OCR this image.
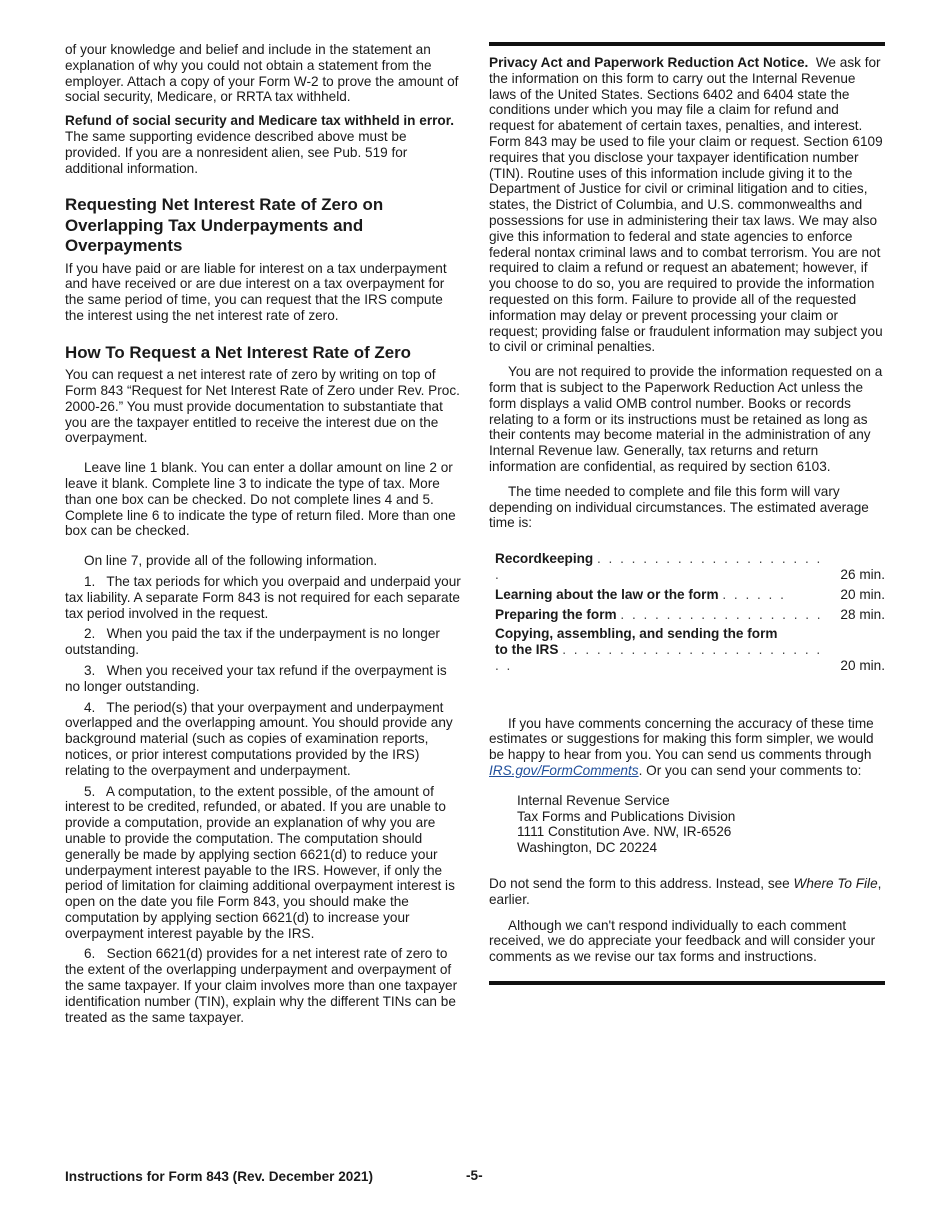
of your knowledge and belief and include in the statement an explanation of why you could not obtain a statement from the employer. Attach a copy of your Form W-2 to prove the amount of social security, Medicare, or RRTA tax withheld.

Refund of social security and Medicare tax withheld in error. The same supporting evidence described above must be provided. If you are a nonresident alien, see Pub. 519 for additional information.

Requesting Net Interest Rate of Zero on Overlapping Tax Underpayments and Overpayments

If you have paid or are liable for interest on a tax underpayment and have received or are due interest on a tax overpayment for the same period of time, you can request that the IRS compute the interest using the net interest rate of zero.

How To Request a Net Interest Rate of Zero

You can request a net interest rate of zero by writing on top of Form 843 “Request for Net Interest Rate of Zero under Rev. Proc. 2000-26.” You must provide documentation to substantiate that you are the taxpayer entitled to receive the interest due on the overpayment.

Leave line 1 blank. You can enter a dollar amount on line 2 or leave it blank. Complete line 3 to indicate the type of tax. More than one box can be checked. Do not complete lines 4 and 5. Complete line 6 to indicate the type of return filed. More than one box can be checked.

On line 7, provide all of the following information.

1.   The tax periods for which you overpaid and underpaid your tax liability. A separate Form 843 is not required for each separate tax period involved in the request.

2.   When you paid the tax if the underpayment is no longer outstanding.

3.   When you received your tax refund if the overpayment is no longer outstanding.

4.   The period(s) that your overpayment and underpayment overlapped and the overlapping amount. You should provide any background material (such as copies of examination reports, notices, or prior interest computations provided by the IRS) relating to the overpayment and underpayment.

5.   A computation, to the extent possible, of the amount of interest to be credited, refunded, or abated. If you are unable to provide a computation, provide an explanation of why you are unable to provide the computation. The computation should generally be made by applying section 6621(d) to reduce your underpayment interest payable to the IRS. However, if only the period of limitation for claiming additional overpayment interest is open on the date you file Form 843, you should make the computation by applying section 6621(d) to increase your overpayment interest payable by the IRS.

6.   Section 6621(d) provides for a net interest rate of zero to the extent of the overlapping underpayment and overpayment of the same taxpayer. If your claim involves more than one taxpayer identification number (TIN), explain why the different TINs can be treated as the same taxpayer.

Privacy Act and Paperwork Reduction Act Notice.  We ask for the information on this form to carry out the Internal Revenue laws of the United States. Sections 6402 and 6404 state the conditions under which you may file a claim for refund and request for abatement of certain taxes, penalties, and interest. Form 843 may be used to file your claim or request. Section 6109 requires that you disclose your taxpayer identification number (TIN). Routine uses of this information include giving it to the Department of Justice for civil or criminal litigation and to cities, states, the District of Columbia, and U.S. commonwealths and possessions for use in administering their tax laws. We may also give this information to federal and state agencies to enforce federal nontax criminal laws and to combat terrorism. You are not required to claim a refund or request an abatement; however, if you choose to do so, you are required to provide the information requested on this form. Failure to provide all of the requested information may delay or prevent processing your claim or request; providing false or fraudulent information may subject you to civil or criminal penalties.

You are not required to provide the information requested on a form that is subject to the Paperwork Reduction Act unless the form displays a valid OMB control number. Books or records relating to a form or its instructions must be retained as long as their contents may become material in the administration of any Internal Revenue law. Generally, tax returns and return information are confidential, as required by section 6103.

The time needed to complete and file this form will vary depending on individual circumstances. The estimated average time is:

Recordkeeping . . . . . . . . . . . . . . . . . . . . .	26 min.
Learning about the law or the form . . . . . .	20 min.
Preparing the form . . . . . . . . . . . . . . . . . .	28 min.
Copying, assembling, and sending the form
to the IRS . . . . . . . . . . . . . . . . . . . . . . . . .	20 min.

If you have comments concerning the accuracy of these time estimates or suggestions for making this form simpler, we would be happy to hear from you. You can send us comments through IRS.gov/FormComments. Or you can send your comments to:

Internal Revenue Service
Tax Forms and Publications Division
1111 Constitution Ave. NW, IR-6526
Washington, DC 20224

Do not send the form to this address. Instead, see Where To File, earlier.

Although we can't respond individually to each comment received, we do appreciate your feedback and will consider your comments as we revise our tax forms and instructions.

Instructions for Form 843 (Rev. December 2021)	-5-
